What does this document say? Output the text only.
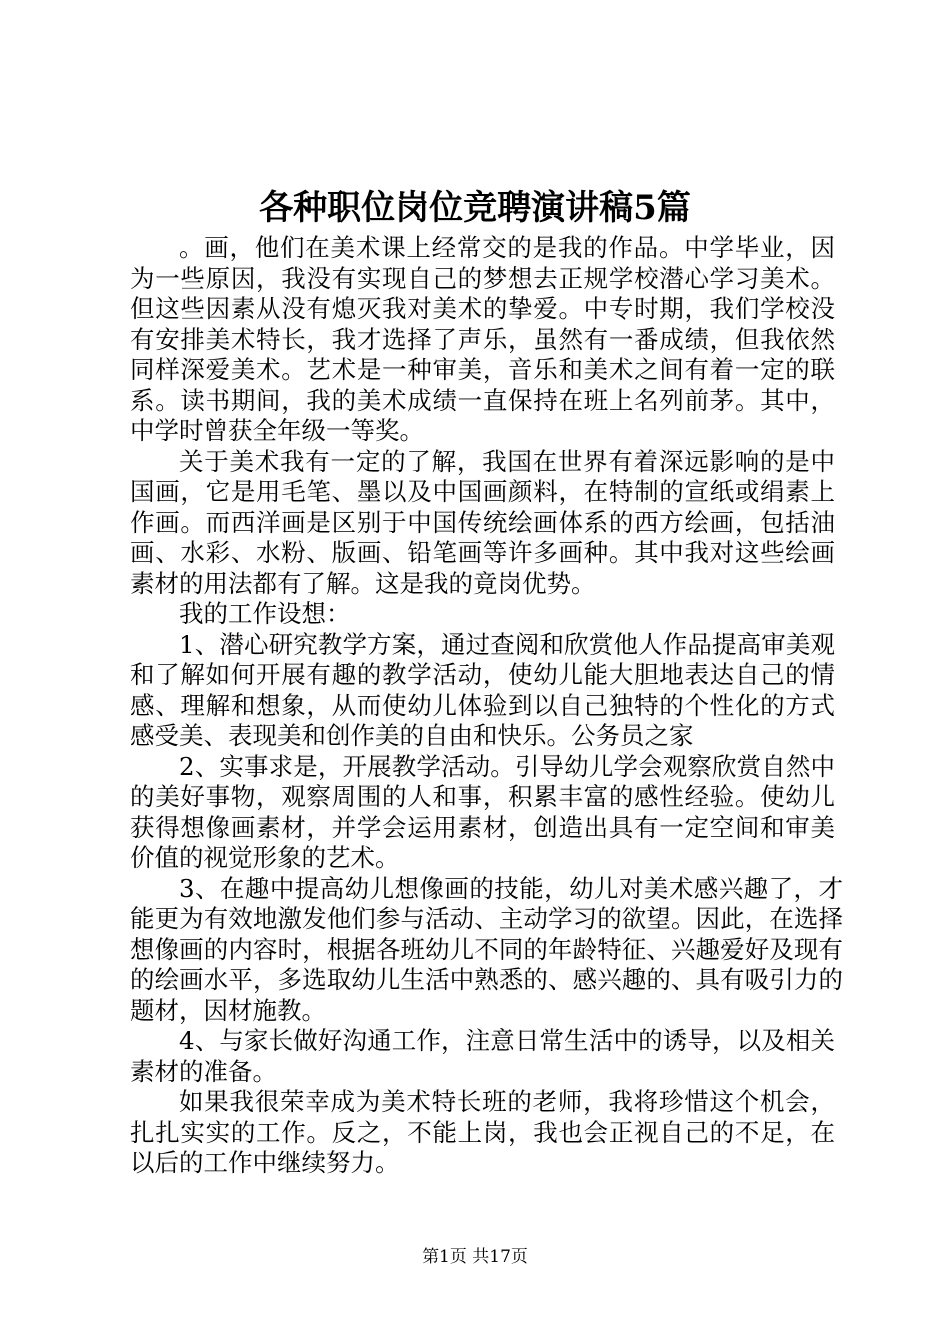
各种职位岗位竞聘演讲稿5篇

。画，他们在美术课上经常交的是我的作品。中学毕业，因为一些原因，我没有实现自己的梦想去正规学校潜心学习美术。但这些因素从没有熄灭我对美术的挚爱。中专时期，我们学校没有安排美术特长，我才选择了声乐，虽然有一番成绩，但我依然同样深爱美术。艺术是一种审美，音乐和美术之间有着一定的联系。读书期间，我的美术成绩一直保持在班上名列前茅。其中，中学时曾获全年级一等奖。

关于美术我有一定的了解，我国在世界有着深远影响的是中国画，它是用毛笔、墨以及中国画颜料，在特制的宣纸或绢素上作画。而西洋画是区别于中国传统绘画体系的西方绘画，包括油画、水彩、水粉、版画、铅笔画等许多画种。其中我对这些绘画素材的用法都有了解。这是我的竟岗优势。

我的工作设想：

1、潜心研究教学方案，通过查阅和欣赏他人作品提高审美观和了解如何开展有趣的教学活动，使幼儿能大胆地表达自己的情感、理解和想象，从而使幼儿体验到以自己独特的个性化的方式感受美、表现美和创作美的自由和快乐。公务员之家

2、实事求是，开展教学活动。引导幼儿学会观察欣赏自然中的美好事物，观察周围的人和事，积累丰富的感性经验。使幼儿获得想像画素材，并学会运用素材，创造出具有一定空间和审美价值的视觉形象的艺术。

3、在趣中提高幼儿想像画的技能，幼儿对美术感兴趣了，才能更为有效地激发他们参与活动、主动学习的欲望。因此，在选择想像画的内容时，根据各班幼儿不同的年龄特征、兴趣爱好及现有的绘画水平，多选取幼儿生活中熟悉的、感兴趣的、具有吸引力的题材，因材施教。

4、与家长做好沟通工作，注意日常生活中的诱导，以及相关素材的准备。

如果我很荣幸成为美术特长班的老师，我将珍惜这个机会，扎扎实实的工作。反之，不能上岗，我也会正视自己的不足，在以后的工作中继续努力。

第1页 共17页
